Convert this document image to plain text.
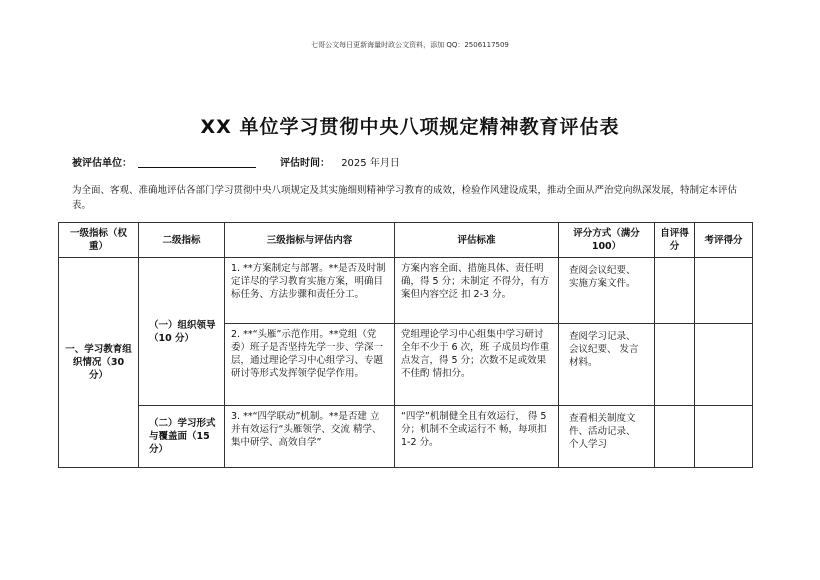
七哥公文每日更新海量时政公文资料，添加 QQ：2506117509
XX 单位学习贯彻中央八项规定精神教育评估表
被评估单位：	评估时间： 2025 年月日
为全面、客观、准确地评估各部门学习贯彻中央八项规定及其实施细则精神学习教育的成效，检验作风建设成果，推动全面从严治党向纵深发展，特制定本评估表。
一级指标（权重）	二级指标	三级指标与评估内容	评估标准	评分方式（满分 100）	自评得分	考评得分
一、学习教育组织情况（30 分）	（一）组织领导（10 分）	1. **方案制定与部署。**是否及时制定详尽的学习教育实施方案，明确目标任务、方法步骤和责任分工。	方案内容全面、措施具体、责任明确，得 5 分；未制定 不得分，有方案但内容空泛 扣 2-3 分。	查阅会议纪要、实施方案文件。		
		2. **“头雁”示范作用。**党组（党委）班子是否坚持先学一步、学深一层，通过理论学习中心组学习、专题研讨等形式发挥领学促学作用。	党组理论学习中心组集中学习研讨全年不少于 6 次，班 子成员均作重点发言，得 5 分；次数不足或效果不佳酌 情扣分。	查阅学习记录、会议纪要、 发言材料。		
	（二）学习形式与覆盖面（15 分）	3. **“四学联动”机制。**是否建 立并有效运行“头雁领学、交流 精学、集中研学、高效自学”	“四学”机制健全且有效运行， 得 5 分；机制不全或运行不 畅，每项扣 1-2 分。	查看相关制度文件、活动记录、个人学习		
